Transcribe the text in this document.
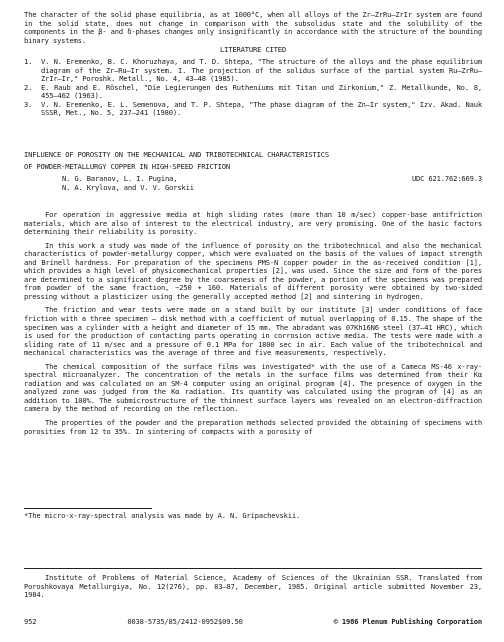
The character of the solid phase equilibria, as at 1000°C, when all alloys of the Zr–ZrRu–ZrIr system are found in the solid state, does not change in comparison with the subsolidus state and the solubility of the components in the β- and δ-phases changes only insignificantly in accordance with the structure of the bounding binary systems.

LITERATURE CITED
1. V. N. Eremenko, B. C. Khoruzhaya, and T. D. Shtepa, "The structure of the alloys and the phase equilibrium diagram of the Zr–Ru–Ir system. I. The projection of the solidus surface of the partial system Ru–ZrRu–ZrIr–Ir," Poroshk. Metall., No. 4, 43–48 (1985).
2. E. Raub and E. Röschel, "Die Legierungen des Rutheniums mit Titan und Zirkonium," Z. Metallkunde, No. 8, 455–462 (1963).
3. V. N. Eremenko, E. L. Semenova, and T. P. Shtepa, "The phase diagram of the Zn–Ir system," Izv. Akad. Nauk SSSR, Met., No. 5, 237–241 (1980).
INFLUENCE OF POROSITY ON THE MECHANICAL AND TRIBOTECHNICAL CHARACTERISTICS
OF POWDER-METALLURGY COPPER IN HIGH-SPEED FRICTION
N. G. Baranov, L. I. Pugina,	UDC 621.762:669.3
N. A. Krylova, and V. V. Gorskii

For operation in aggressive media at high sliding rates (more than 10 m/sec) copper-base antifriction materials, which are also of interest to the electrical industry, are very promising. One of the basic factors determining their reliability is porosity.

In this work a study was made of the influence of porosity on the tribotechnical and also the mechanical characteristics of powder-metallurgy copper, which were evaluated on the basis of the values of impact strength and Brinell hardness. For preparation of the specimens PMS-N copper powder in the as-received condition [1], which provides a high level of physicomechanical properties [2], was used. Since the size and form of the pores are determined to a significant degree by the coarseness of the powder, a portion of the specimens was prepared from powder of the same fraction, −250 + 160. Materials of different porosity were obtained by two-sided pressing without a plasticizer using the generally accepted method [2] and sintering in hydrogen.

The friction and wear tests were made on a stand built by our institute [3] under conditions of face friction with a three specimen — disk method with a coefficient of mutual overlapping of 0.15. The shape of the specimen was a cylinder with a height and diameter of 15 mm. The abradant was 07Kh16N6 steel (37–41 HRC), which is used for the production of contacting parts operating in corrosion active media. The tests were made with a sliding rate of 11 m/sec and a pressure of 0.1 MPa for 1800 sec in air. Each value of the tribotechnical and mechanical characteristics was the average of three and five measurements, respectively.

The chemical composition of the surface films was investigated* with the use of a Cameca MS-46 x-ray-spectral microanalyzer. The concentration of the metals in the surface films was determined from their Kα radiation and was calculated on an SM-4 computer using an original program [4]. The presence of oxygen in the analyzed zone was judged from the Kα radiation. Its quantity was calculated using the program of [4] as an addition to 100%. The submicrostructure of the thinnest surface layers was revealed on an electron-diffraction camera by the method of recording on the reflection.

The properties of the powder and the preparation methods selected provided the obtaining of specimens with porosities from 12 to 35%. In sintering of compacts with a porosity of

*The micro-x-ray-spectral analysis was made by A. N. Gripachevskii.

Institute of Problems of Material Science, Academy of Sciences of the Ukrainian SSR. Translated from Poroshkovaya Metallurgiya, No. 12(276), pp. 83–87, December, 1985. Original article submitted November 23, 1984.

952	0038-5735/85/2412-0952$09.50	© 1986 Plenum Publishing Corporation
